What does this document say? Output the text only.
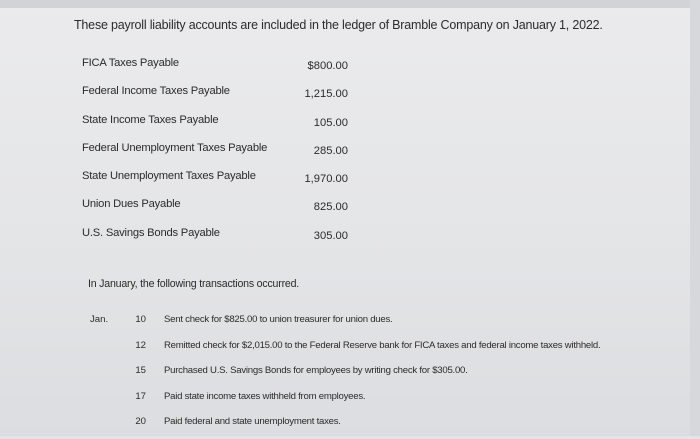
These payroll liability accounts are included in the ledger of Bramble Company on January 1, 2022.
FICA Taxes Payable	$800.00
Federal Income Taxes Payable	1,215.00
State Income Taxes Payable	105.00
Federal Unemployment Taxes Payable	285.00
State Unemployment Taxes Payable	1,970.00
Union Dues Payable	825.00
U.S. Savings Bonds Payable	305.00
In January, the following transactions occurred.
Jan.	10 Sent check for $825.00 to union treasurer for union dues.
12 Remitted check for $2,015.00 to the Federal Reserve bank for FICA taxes and federal income taxes withheld.
15 Purchased U.S. Savings Bonds for employees by writing check for $305.00.
17 Paid state income taxes withheld from employees.
20 Paid federal and state unemployment taxes.
